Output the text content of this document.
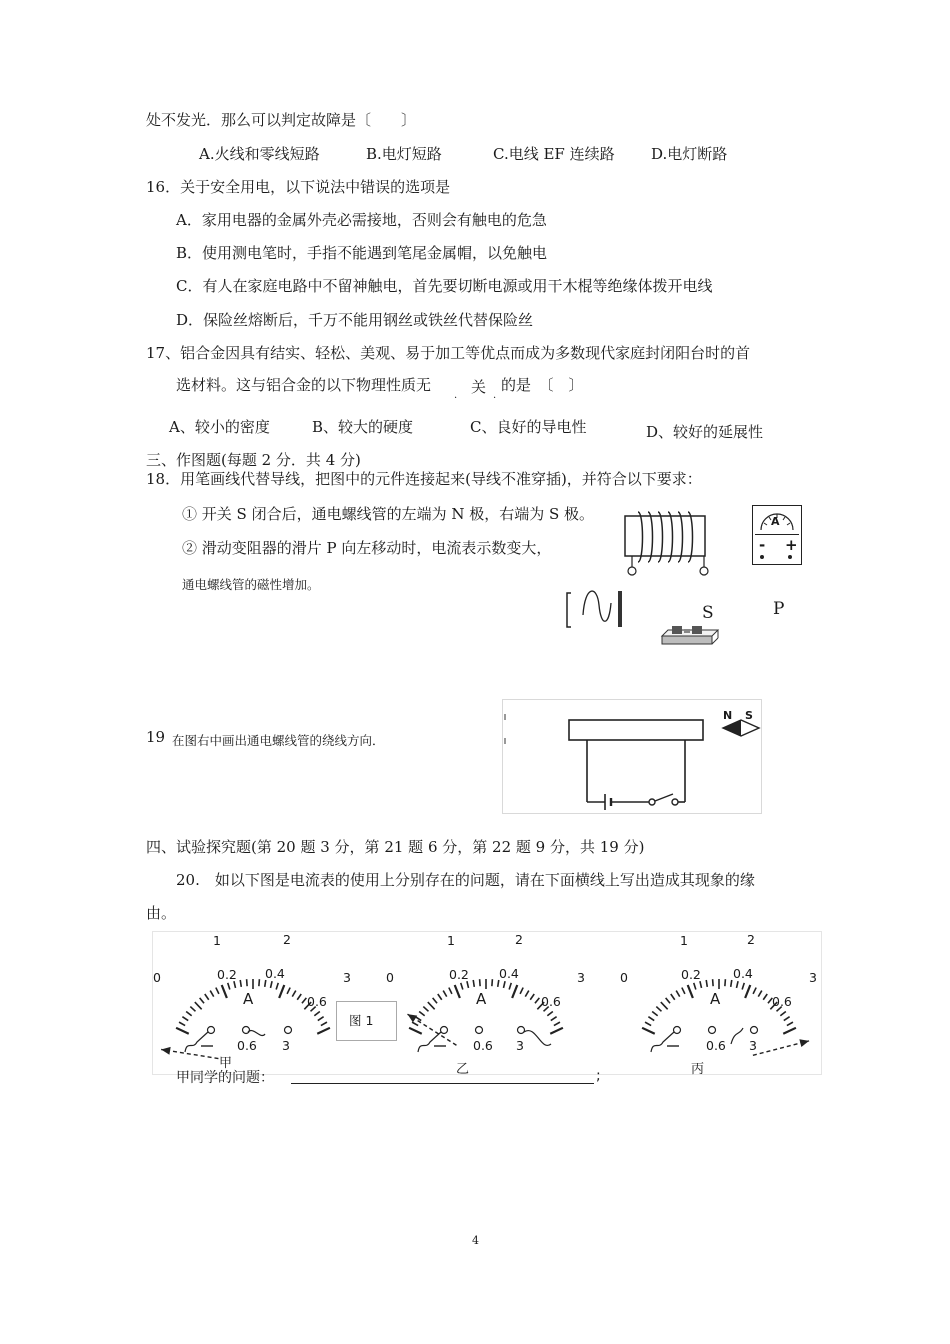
处不发光．那么可以判定故障是〔　　〕
A.火线和零线短路	B.电灯短路	C.电线 EF 连续路 D.电灯断路
16．关于安全用电，以下说法中错误的选项是
A．家用电器的金属外壳必需接地，否则会有触电的危急
B．使用测电笔时，手指不能遇到笔尾金属帽，以免触电
C．有人在家庭电路中不留神触电，首先要切断电源或用干木棍等绝缘体拨开电线
D．保险丝熔断后，千万不能用钢丝或铁丝代替保险丝
17、铝合金因具有结实、轻松、美观、易于加工等优点而成为多数现代家庭封闭阳台时的首
选材料。这与铝合金的以下物理性质无	关 的是　〔　〕
.	.
A、较小的密度	B、较大的硬度	C、良好的导电性	D、较好的延展性
三、作图题(每题 2 分．共 4 分)
18．用笔画线代替导线，把图中的元件连接起来(导线不准穿插)，并符合以下要求：
① 开关 S 闭合后，通电螺线管的左端为 N 极，右端为 S 极。
② 滑动变阻器的滑片 P 向左移动时，电流表示数变大，
通电螺线管的磁性增加。
A
- +
S	P
19 在图右中画出通电螺线管的绕线方向．
N S
四、试验探究题(第 20 题 3 分，第 21 题 6 分，第 22 题 9 分，共 19 分)
20.　如以下图是电流表的使用上分别存在的问题，请在下面横线上写出造成其现象的缘
由。
0
1	2
3
0.2 0.4
0.6
A
0.6 3
甲
图 1
0
1	2
3
0.2 0.4
0.6
A
0.6 3
乙
0
1	2
3
0.2	0.4
0.6
A
0.6 3
丙
甲同学的问题：	;
4
